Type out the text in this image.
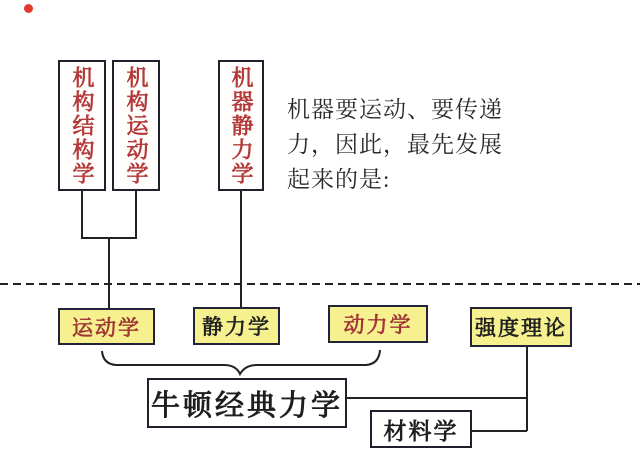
机构结构学 机构运动学	机器静力学 机器要运动、要传递
力，因此，最先发展
起来的是:
运动学	静力学	动力学	强度理论
牛顿经典力学
材料学
